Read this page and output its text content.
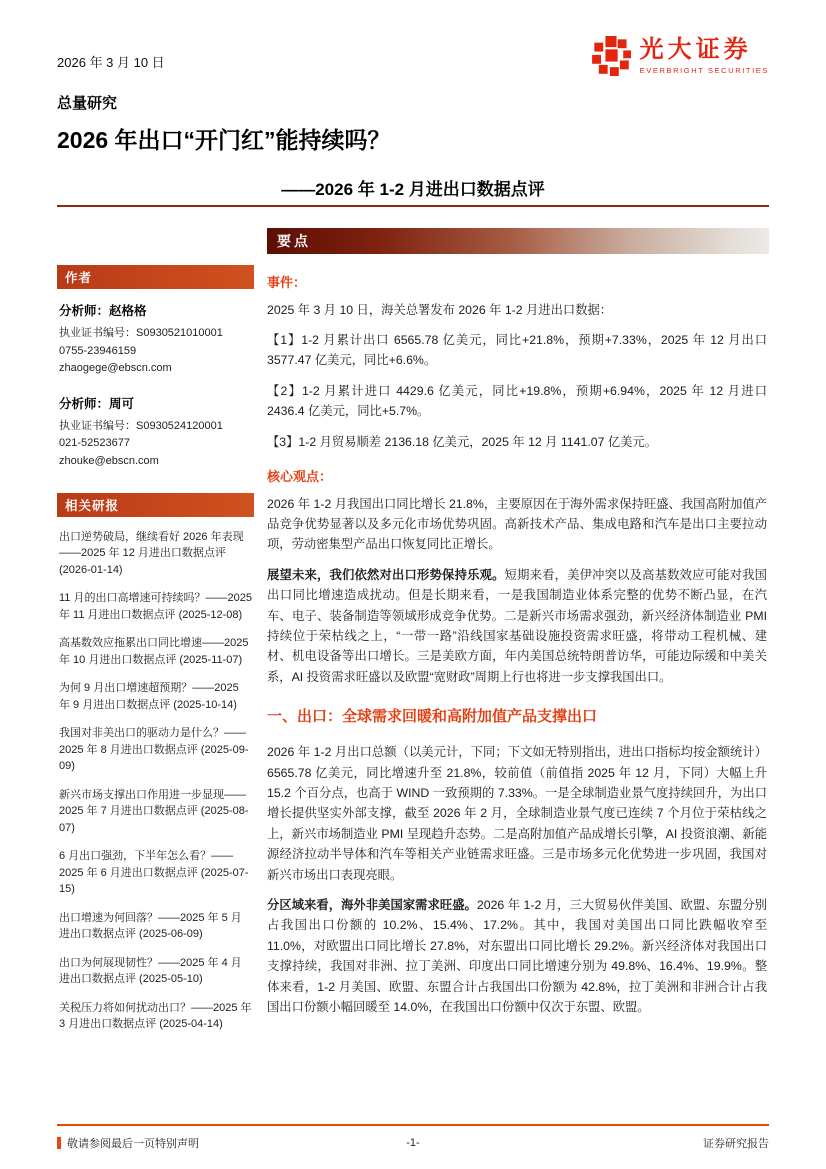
2026 年 3 月 10 日	光大证券
EVERBRIGHT SECURITIES
总量研究
2026 年出口“开门红”能持续吗？
——2026 年 1-2 月进出口数据点评
作者
分析师：赵格格
执业证书编号：S0930521010001
0755-23946159
zhaogege@ebscn.com
分析师：周可
执业证书编号：S0930524120001
021-52523677
zhouke@ebscn.com
相关研报
出口逆势破局，继续看好 2026 年表现——2025 年 12 月进出口数据点评 (2026-01-14)
11 月的出口高增速可持续吗？——2025 年 11 月进出口数据点评 (2025-12-08)
高基数效应拖累出口同比增速——2025 年 10 月进出口数据点评 (2025-11-07)
为何 9 月出口增速超预期？——2025 年 9 月进出口数据点评 (2025-10-14)
我国对非美出口的驱动力是什么？——2025 年 8 月进出口数据点评 (2025-09-09)
新兴市场支撑出口作用进一步显现——2025 年 7 月进出口数据点评 (2025-08-07)
6 月出口强劲，下半年怎么看？——2025 年 6 月进出口数据点评 (2025-07-15)
出口增速为何回落？——2025 年 5 月进出口数据点评 (2025-06-09)
出口为何展现韧性？——2025 年 4 月进出口数据点评 (2025-05-10)
关税压力将如何扰动出口？——2025 年 3 月进出口数据点评 (2025-04-14)
要点
事件：
2025 年 3 月 10 日，海关总署发布 2026 年 1-2 月进出口数据：
【1】1-2 月累计出口 6565.78 亿美元，同比+21.8%，预期+7.33%，2025 年 12 月出口 3577.47 亿美元，同比+6.6%。
【2】1-2 月累计进口 4429.6 亿美元，同比+19.8%，预期+6.94%，2025 年 12 月进口 2436.4 亿美元，同比+5.7%。
【3】1-2 月贸易顺差 2136.18 亿美元，2025 年 12 月 1141.07 亿美元。
核心观点：

2026 年 1-2 月我国出口同比增长 21.8%，主要原因在于海外需求保持旺盛、我国高附加值产品竞争优势显著以及多元化市场优势巩固。高新技术产品、集成电路和汽车是出口主要拉动项，劳动密集型产品出口恢复同比正增长。

展望未来，我们依然对出口形势保持乐观。短期来看，美伊冲突以及高基数效应可能对我国出口同比增速造成扰动。但是长期来看，一是我国制造业体系完整的优势不断凸显，在汽车、电子、装备制造等领域形成竞争优势。二是新兴市场需求强劲，新兴经济体制造业 PMI 持续位于荣枯线之上，“一带一路”沿线国家基础设施投资需求旺盛，将带动工程机械、建材、机电设备等出口增长。三是美欧方面，年内美国总统特朗普访华，可能边际缓和中美关系，AI 投资需求旺盛以及欧盟“宽财政”周期上行也将进一步支撑我国出口。

一、出口：全球需求回暖和高附加值产品支撑出口

2026 年 1-2 月出口总额（以美元计，下同；下文如无特别指出，进出口指标均按金额统计）6565.78 亿美元，同比增速升至 21.8%，较前值（前值指 2025 年 12 月，下同）大幅上升 15.2 个百分点，也高于 WIND 一致预期的 7.33%。一是全球制造业景气度持续回升，为出口增长提供坚实外部支撑，截至 2026 年 2 月，全球制造业景气度已连续 7 个月位于荣枯线之上，新兴市场制造业 PMI 呈现趋升态势。二是高附加值产品成增长引擎，AI 投资浪潮、新能源经济拉动半导体和汽车等相关产业链需求旺盛。三是市场多元化优势进一步巩固，我国对新兴市场出口表现亮眼。

分区域来看，海外非美国家需求旺盛。2026 年 1-2 月，三大贸易伙伴美国、欧盟、东盟分别占我国出口份额的 10.2%、15.4%、17.2%。其中，我国对美国出口同比跌幅收窄至 11.0%，对欧盟出口同比增长 27.8%，对东盟出口同比增长 29.2%。新兴经济体对我国出口支撑持续，我国对非洲、拉丁美洲、印度出口同比增速分别为 49.8%、16.4%、19.9%。整体来看，1-2 月美国、欧盟、东盟合计占我国出口份额为 42.8%，拉丁美洲和非洲合计占我国出口份额小幅回暖至 14.0%，在我国出口份额中仅次于东盟、欧盟。

敬请参阅最后一页特别声明	-1-	证券研究报告
